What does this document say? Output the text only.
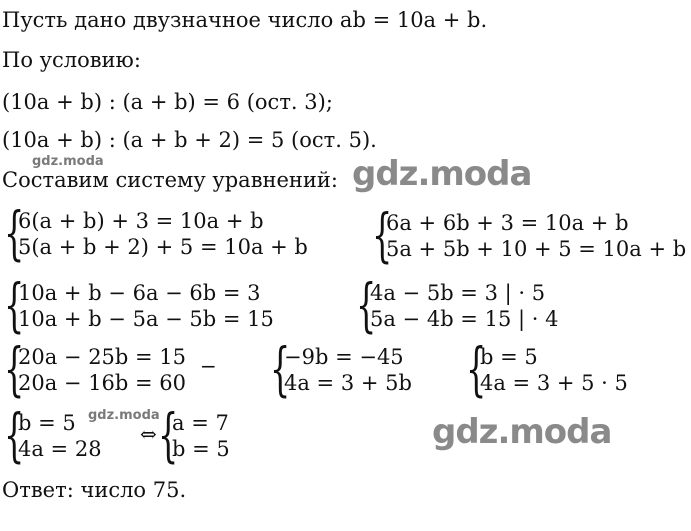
Пусть дано двузначное число ab = 10a + b.
По условию:
(10a + b) : (a + b) = 6 (ост. 3);
(10a + b) : (a + b + 2) = 5 (ост. 5).
Составим систему уравнений:
gdz.moda	gdz.moda
gdz.moda	gdz.moda
{
6(a + b) + 3 = 10a + b
5(a + b + 2) + 5 = 10a + b {
6a + 6b + 3 = 10a + b
5a + 5b + 10 + 5 = 10a + b
{
10a + b − 6a − 6b = 3
10a + b − 5a − 5b = 15 {
4a − 5b = 3 | · 5
5a − 4b = 15 | · 4
{
20a − 25b = 15
20a − 16b = 60
− {
−9b = −45
4a = 3 + 5b {
b = 5
4a = 3 + 5 · 5
{
b = 5
4a = 28
⇔ {
a = 7
b = 5
Ответ: число 75.
